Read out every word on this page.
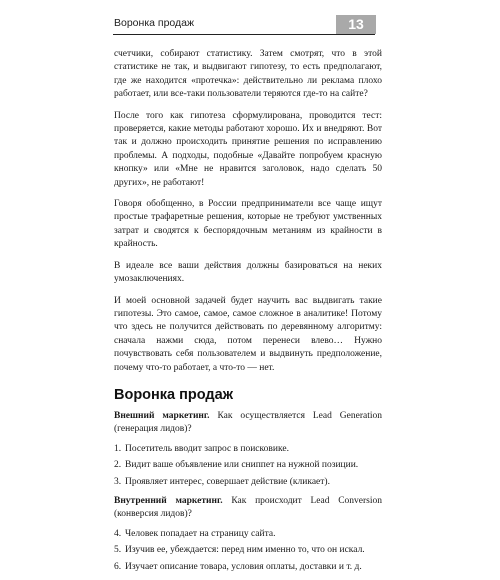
Воронка продаж	13

счетчики, собирают статистику. Затем смотрят, что в этой статистике не так, и выдвигают гипотезу, то есть предполагают, где же находится «протечка»: действительно ли реклама плохо работает, или все-таки пользователи теряются где-то на сайте?

После того как гипотеза сформулирована, проводится тест: проверяется, какие методы работают хорошо. Их и внедряют. Вот так и должно происходить принятие решения по исправлению проблемы. А подходы, подобные «Давайте попробуем красную кнопку» или «Мне не нравится заголовок, надо сделать 50 других», не работают!

Говоря обобщенно, в России предприниматели все чаще ищут простые трафаретные решения, которые не требуют умственных затрат и сводятся к беспорядочным метаниям из крайности в крайность.

В идеале все ваши действия должны базироваться на неких умозаключениях.

И моей основной задачей будет научить вас выдвигать такие гипотезы. Это самое, самое, самое сложное в аналитике! Потому что здесь не получится действовать по деревянному алгоритму: сначала нажми сюда, потом перенеси влево… Нужно почувствовать себя пользователем и выдвинуть предположение, почему что-то работает, а что-то — нет.

Воронка продаж

Внешний маркетинг. Как осуществляется Lead Generation (генерация лидов)?

1. Посетитель вводит запрос в поисковике.
2. Видит ваше объявление или сниппет на нужной позиции.
3. Проявляет интерес, совершает действие (кликает).

Внутренний маркетинг. Как происходит Lead Conversion (конверсия лидов)?

4. Человек попадает на страницу сайта.
5. Изучив ее, убеждается: перед ним именно то, что он искал.
6. Изучает описание товара, условия оплаты, доставки и т. д.
